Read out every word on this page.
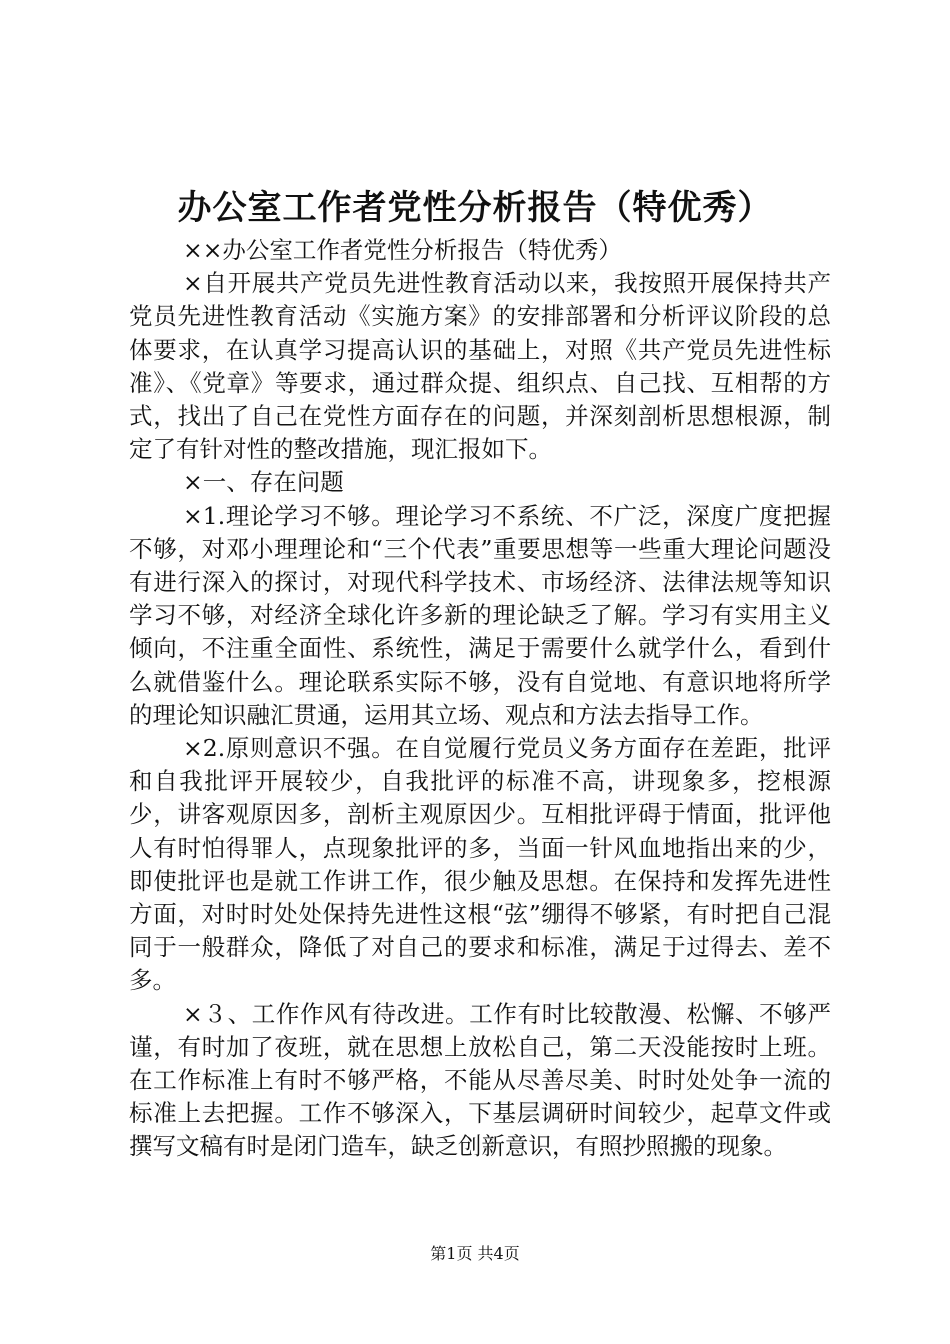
办公室工作者党性分析报告（特优秀）

××办公室工作者党性分析报告（特优秀）

×自开展共产党员先进性教育活动以来，我按照开展保持共产党员先进性教育活动《实施方案》的安排部署和分析评议阶段的总体要求，在认真学习提高认识的基础上，对照《共产党员先进性标准》、《党章》等要求，通过群众提、组织点、自己找、互相帮的方式，找出了自己在党性方面存在的问题，并深刻剖析思想根源，制定了有针对性的整改措施，现汇报如下。

×一、存在问题

×1.理论学习不够。理论学习不系统、不广泛，深度广度把握不够，对邓小理理论和“三个代表”重要思想等一些重大理论问题没有进行深入的探讨，对现代科学技术、市场经济、法律法规等知识学习不够，对经济全球化许多新的理论缺乏了解。学习有实用主义倾向，不注重全面性、系统性，满足于需要什么就学什么，看到什么就借鉴什么。理论联系实际不够，没有自觉地、有意识地将所学的理论知识融汇贯通，运用其立场、观点和方法去指导工作。

×2.原则意识不强。在自觉履行党员义务方面存在差距，批评和自我批评开展较少，自我批评的标准不高，讲现象多，挖根源少，讲客观原因多，剖析主观原因少。互相批评碍于情面，批评他人有时怕得罪人，点现象批评的多，当面一针风血地指出来的少，即使批评也是就工作讲工作，很少触及思想。在保持和发挥先进性方面，对时时处处保持先进性这根“弦”绷得不够紧，有时把自己混同于一般群众，降低了对自己的要求和标准，满足于过得去、差不多。

×３、工作作风有待改进。工作有时比较散漫、松懈、不够严谨，有时加了夜班，就在思想上放松自己，第二天没能按时上班。在工作标准上有时不够严格，不能从尽善尽美、时时处处争一流的标准上去把握。工作不够深入，下基层调研时间较少，起草文件或撰写文稿有时是闭门造车，缺乏创新意识，有照抄照搬的现象。

第1页 共4页
